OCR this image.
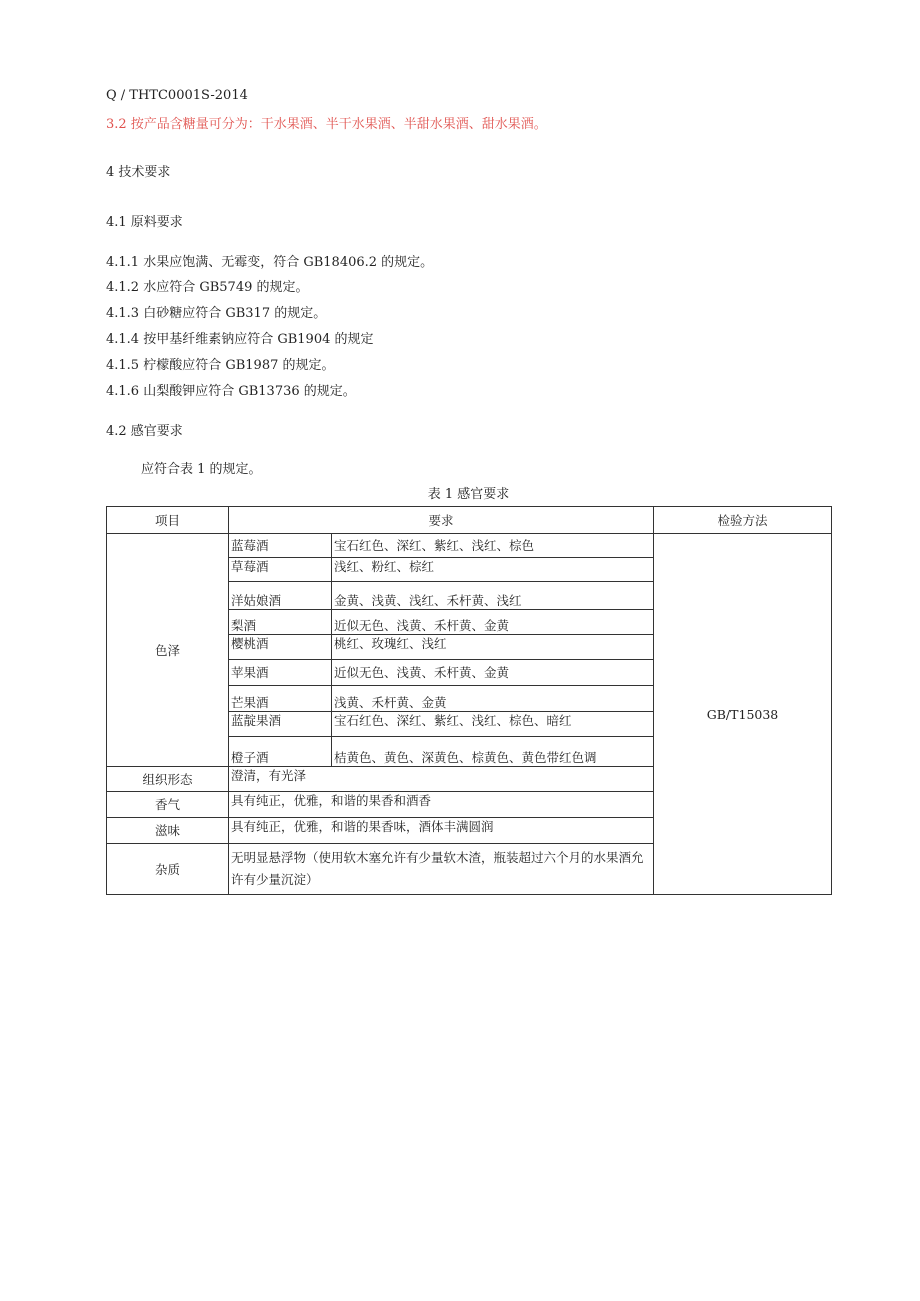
Q / THTC0001S-2014
3.2 按产品含糖量可分为：干水果酒、半干水果酒、半甜水果酒、甜水果酒。
4 技术要求
4.1 原料要求
4.1.1 水果应饱满、无霉变，符合 GB18406.2 的规定。
4.1.2 水应符合 GB5749 的规定。
4.1.3 白砂糖应符合 GB317 的规定。
4.1.4 按甲基纤维素钠应符合 GB1904 的规定
4.1.5 柠檬酸应符合 GB1987 的规定。
4.1.6 山梨酸钾应符合 GB13736 的规定。
4.2 感官要求
应符合表 1 的规定。
表 1 感官要求
项目	要求		检验方法
色泽	蓝莓酒	宝石红色、深红、紫红、浅红、棕色	GB/T15038
	草莓酒	浅红、粉红、棕红	
	洋姑娘酒	金黄、浅黄、浅红、禾杆黄、浅红	
	梨酒	近似无色、浅黄、禾杆黄、金黄	
	樱桃酒	桃红、玫瑰红、浅红	
	苹果酒	近似无色、浅黄、禾杆黄、金黄	
	芒果酒	浅黄、禾杆黄、金黄	
	蓝靛果酒	宝石红色、深红、紫红、浅红、棕色、暗红	
	橙子酒	桔黄色、黄色、深黄色、棕黄色、黄色带红色调	
组织形态	澄清，有光泽		
香气	具有纯正，优雅，和谐的果香和酒香		
滋味	具有纯正，优雅，和谐的果香味，酒体丰满圆润		
杂质	无明显悬浮物（使用软木塞允许有少量软木渣，瓶装超过六个月的水果酒允许有少量沉淀）		
